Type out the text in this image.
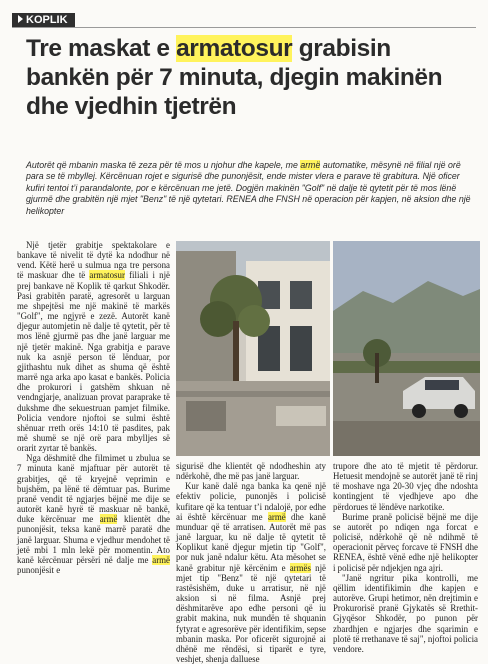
KOPLIK
Tre maskat e armatosur grabisin bankën për 7 minuta, djegin makinën dhe vjedhin tjetrën

Autorët që mbanin maska të zeza për të mos u njohur dhe kapele, me armë automatike, mësynë në filial një orë para se të mbyllej. Kërcënuan rojet e sigurisë dhe punonjësit, ende mister vlera e parave të grabitura. Një oficer kufiri tentoi t’i parandalonte, por e kërcënuan me jetë. Dogjën makinën "Golf" në dalje të qytetit për të mos lënë gjurmë dhe grabitën një mjet "Benz" të një qytetari. RENEA dhe FNSH në operacion për kapjen, në aksion dhe një helikopter

Një tjetër grabitje spektakolare e bankave të nivelit të dytë ka ndodhur në vend. Këtë herë u sulmua nga tre persona të maskuar dhe të armatosur filiali i një prej bankave në Koplik të qarkut Shkodër. Pasi grabitën paratë, agresorët u larguan me shpejtësi me një makinë të markës "Golf", me ngjyrë e zezë. Autorët kanë djegur automjetin në dalje të qytetit, për të mos lënë gjurmë pas dhe janë larguar me një tjetër makinë. Nga grabitja e parave nuk ka asnjë person të lënduar, por gjithashtu nuk dihet as shuma që është marrë nga arka apo kasat e bankës. Policia dhe prokurori i gatshëm shkuan në vendngjarje, analizuan provat paraprake të dukshme dhe sekuestruan pamjet filmike. Policia vendore njoftoi se sulmi është shënuar rreth orës 14:10 të pasdites, pak më shumë se një orë para mbylljes së orarit zyrtar të bankës.

Nga dëshmitë dhe filmimet u zbulua se 7 minuta kanë mjaftuar për autorët të grabitjes, që të kryejnë veprimin e bujshëm, pa lënë të dëmtuar pas. Burime pranë vendit të ngjarjes bëjnë me dije se autorët kanë hyrë të maskuar në bankë, duke kërcënuar me armë klientët dhe punonjësit, teksa kanë marrë paratë dhe janë larguar. Shuma e vjedhur mendohet të jetë mbi 1 mln lekë për momentin. Ato kanë kërcënuar përsëri në dalje me armë punonjësit e

sigurisë dhe klientët që ndodheshin aty ndërkohë, dhe më pas janë larguar.

Kur kanë dalë nga banka ka qenë një efektiv policie, punonjës i policisë kufitare që ka tentuar t’i ndalojë, por edhe ai është kërcënuar me armë dhe kanë munduar që të arratisen. Autorët më pas janë larguar, ku në dalje të qytetit të Koplikut kanë djegur mjetin tip "Golf", por nuk janë ndalur këtu. Ata mësohet se kanë grabitur një kërcënim e armës një mjet tip "Benz" të një qytetari të rastësishëm, duke u arratisur, në një aksion si në filma. Asnjë prej dëshmitarëve apo edhe personi që iu grabit makina, nuk mundën të shquanin fytyrat e agresorëve për identifikim, sepse mbanin maska. Por oficerët sigurojnë ai dhënë me rëndësi, si tiparët e tyre, veshjet, shenja dalluese

trupore dhe ato të mjetit të përdorur. Hetuesit mendojnë se autorët janë të rinj të moshave nga 20-30 vjeç dhe ndoshta kontingjent të vjedhjeve apo dhe përdorues të lëndëve narkotike.

Burime pranë policisë bëjnë me dije se autorët po ndiqen nga forcat e policisë, ndërkohë që në ndihmë të operacionit përveç forcave të FNSH dhe RENEA, është vënë edhe një helikopter i policisë për ndjekjen nga ajri.

"Janë ngritur pika kontrolli, me qëllim identifikimin dhe kapjen e autorëve. Grupi hetimor, nën drejtimin e Prokurorisë pranë Gjykatës së Rrethit-Gjyqësor Shkodër, po punon për zbardhjen e ngjarjes dhe sqarimin e plotë të rrethanave të saj", njoftoi policia vendore.
